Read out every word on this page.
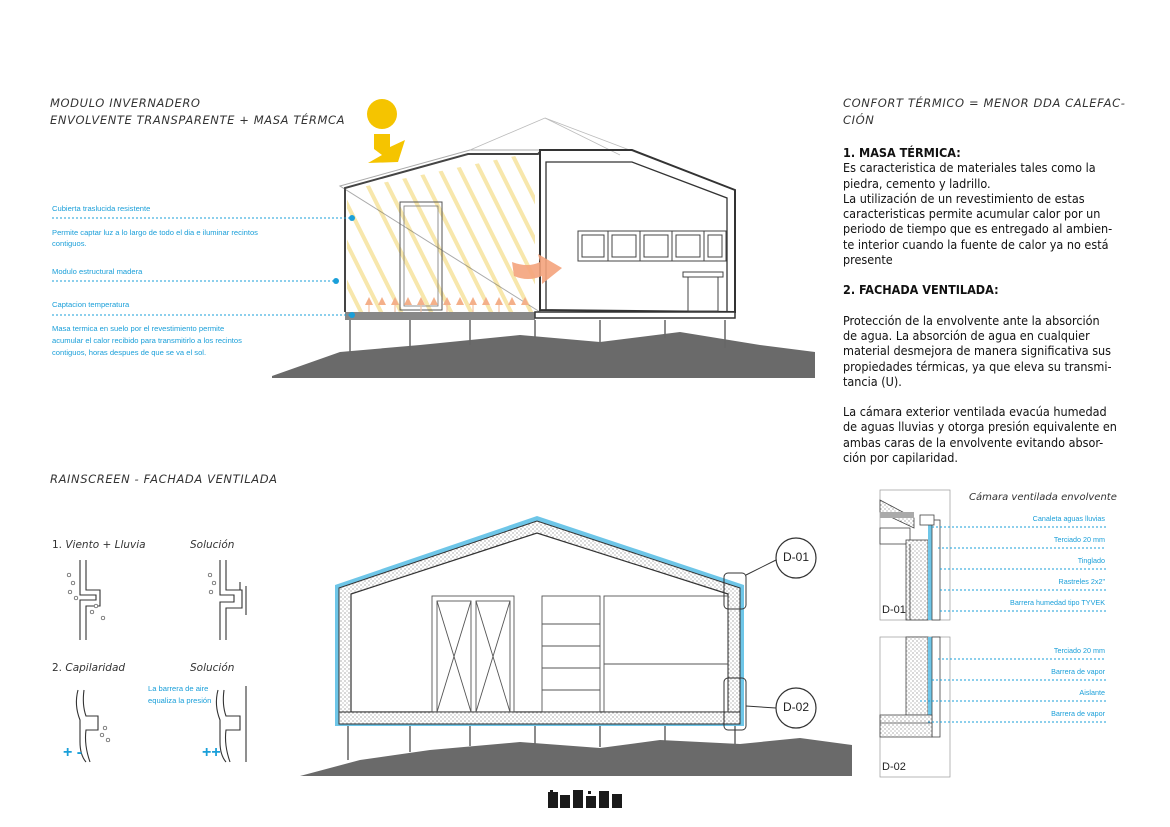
MODULO INVERNADERO
ENVOLVENTE TRANSPARENTE + MASA TÉRMCA
Cubierta traslucida resistente
Permite captar luz a lo largo de todo el dia e iluminar recintos
contiguos.
Modulo estructural madera
Captacion temperatura
Masa termica en suelo por el revestimiento permite
acumular el calor recibido para transmitirlo a los recintos
contiguos, horas despues de que se va el sol.
CONFORT TÉRMICO = MENOR DDA CALEFAC-
CIÓN
1. MASA TÉRMICA:
Es caracteristica de materiales tales como la
piedra, cemento y ladrillo.
La utilización de un revestimiento de estas
caracteristicas permite acumular calor por un
periodo de tiempo que es entregado al ambien-
te interior cuando la fuente de calor ya no está
presente
2. FACHADA VENTILADA:
Protección de la envolvente ante la absorción
de agua. La absorción de agua en cualquier
material desmejora de manera significativa sus
propiedades térmicas, ya que eleva su transmi-
tancia (U).
La cámara exterior ventilada evacúa humedad
de aguas lluvias y otorga presión equivalente en
ambas caras de la envolvente evitando absor-
ción por capilaridad.
RAINSCREEN - FACHADA VENTILADA
1. Viento + Lluvia	Solución
2. Capilaridad	Solución
La barrera de aire
equaliza la presión
+ -	++
D-01
D-02
Cámara ventilada envolvente
D-01
D-02
Canaleta aguas lluvias
Terciado 20 mm
Tinglado
Rastreles 2x2"
Barrera humedad tipo TYVEK
Terciado 20 mm
Barrera de vapor
Aislante
Barrera de vapor
